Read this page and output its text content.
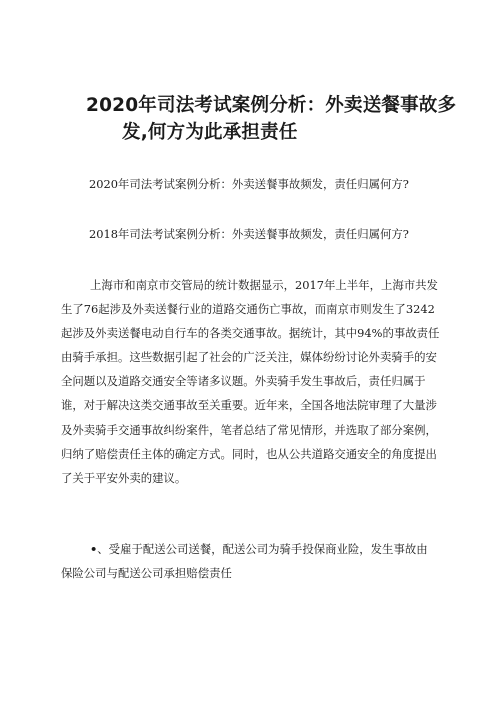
2020年司法考试案例分析：外卖送餐事故多
发,何方为此承担责任

2020年司法考试案例分析：外卖送餐事故频发，责任归属何方?

2018年司法考试案例分析：外卖送餐事故频发，责任归属何方?

上海市和南京市交管局的统计数据显示，2017年上半年，上海市共发
生了76起涉及外卖送餐行业的道路交通伤亡事故，而南京市则发生了3242
起涉及外卖送餐电动自行车的各类交通事故。据统计，其中94%的事故责任
由骑手承担。这些数据引起了社会的广泛关注，媒体纷纷讨论外卖骑手的安
全问题以及道路交通安全等诸多议题。外卖骑手发生事故后，责任归属于
谁，对于解决这类交通事故至关重要。近年来，全国各地法院审理了大量涉
及外卖骑手交通事故纠纷案件，笔者总结了常见情形，并选取了部分案例，
归纳了赔偿责任主体的确定方式。同时，也从公共道路交通安全的角度提出
了关于平安外卖的建议。
•、受雇于配送公司送餐，配送公司为骑手投保商业险，发生事故由
保险公司与配送公司承担赔偿责任
